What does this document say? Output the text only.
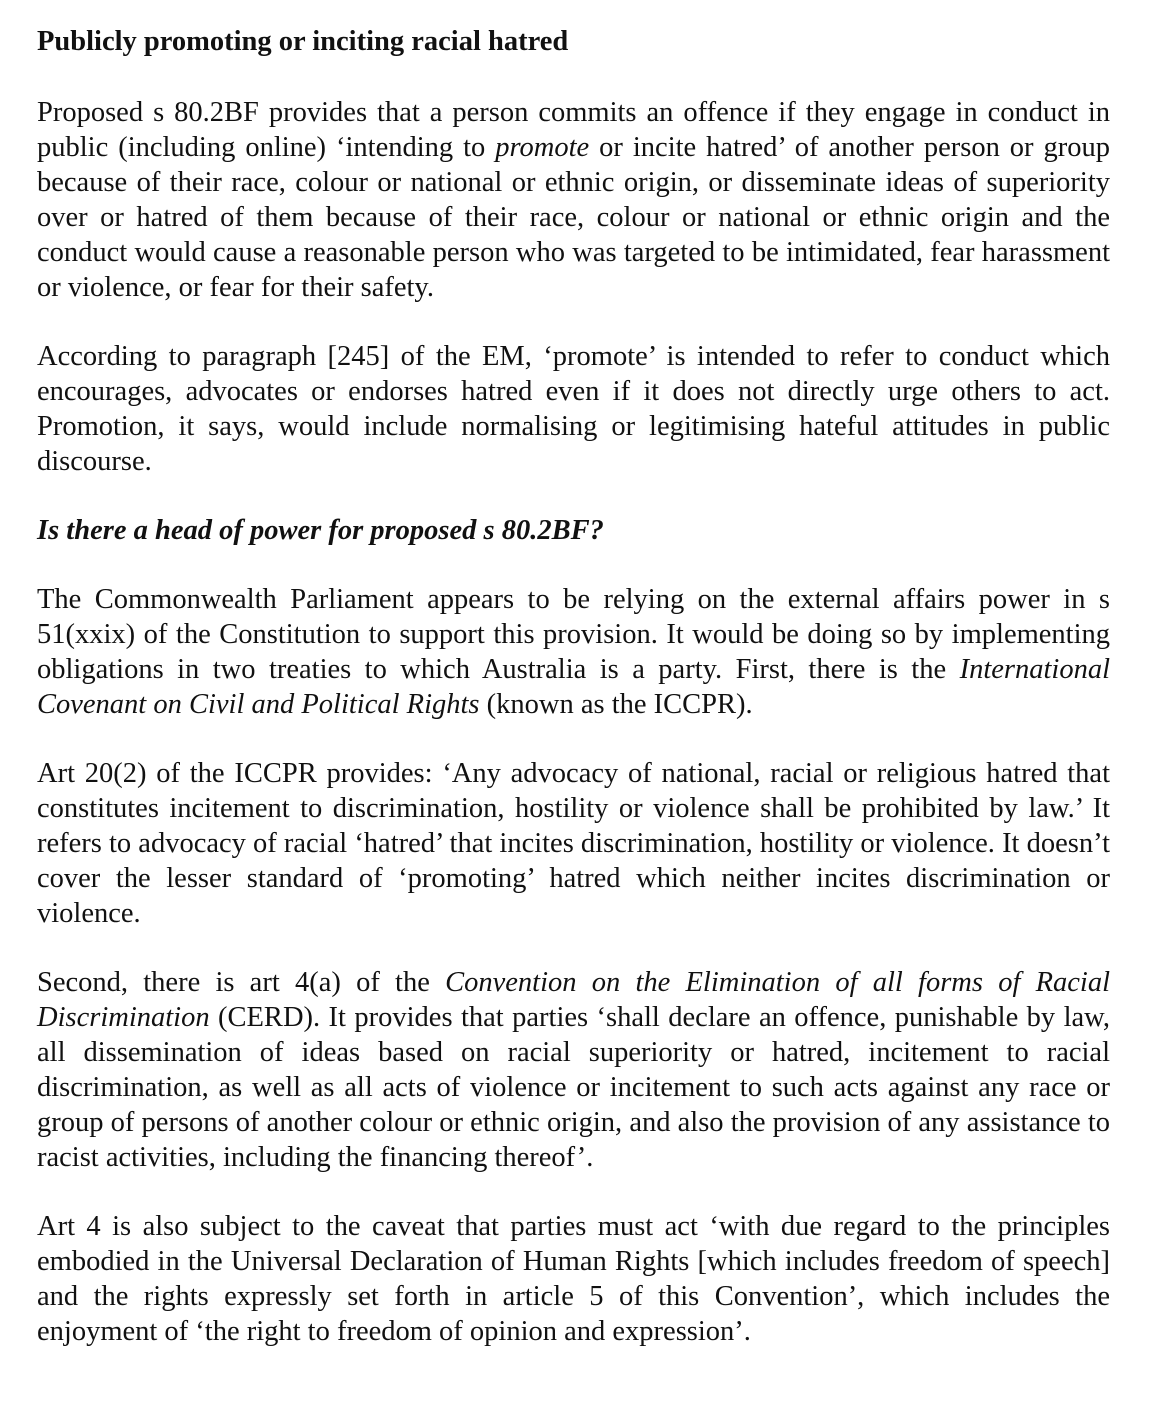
Publicly promoting or inciting racial hatred

Proposed s 80.2BF provides that a person commits an offence if they engage in conduct in public (including online) ‘intending to promote or incite hatred’ of another person or group because of their race, colour or national or ethnic origin, or disseminate ideas of superiority over or hatred of them because of their race, colour or national or ethnic origin and the conduct would cause a reasonable person who was targeted to be intimidated, fear harassment or violence, or fear for their safety.

According to paragraph [245] of the EM, ‘promote’ is intended to refer to conduct which encourages, advocates or endorses hatred even if it does not directly urge others to act. Promotion, it says, would include normalising or legitimising hateful attitudes in public discourse.

Is there a head of power for proposed s 80.2BF?

The Commonwealth Parliament appears to be relying on the external affairs power in s 51(xxix) of the Constitution to support this provision. It would be doing so by implementing obligations in two treaties to which Australia is a party. First, there is the International Covenant on Civil and Political Rights (known as the ICCPR).

Art 20(2) of the ICCPR provides: ‘Any advocacy of national, racial or religious hatred that constitutes incitement to discrimination, hostility or violence shall be prohibited by law.’ It refers to advocacy of racial ‘hatred’ that incites discrimination, hostility or violence. It doesn’t cover the lesser standard of ‘promoting’ hatred which neither incites discrimination or violence.

Second, there is art 4(a) of the Convention on the Elimination of all forms of Racial Discrimination (CERD). It provides that parties ‘shall declare an offence, punishable by law, all dissemination of ideas based on racial superiority or hatred, incitement to racial discrimination, as well as all acts of violence or incitement to such acts against any race or group of persons of another colour or ethnic origin, and also the provision of any assistance to racist activities, including the financing thereof’.

Art 4 is also subject to the caveat that parties must act ‘with due regard to the principles embodied in the Universal Declaration of Human Rights [which includes freedom of speech] and the rights expressly set forth in article 5 of this Convention’, which includes the enjoyment of ‘the right to freedom of opinion and expression’.
